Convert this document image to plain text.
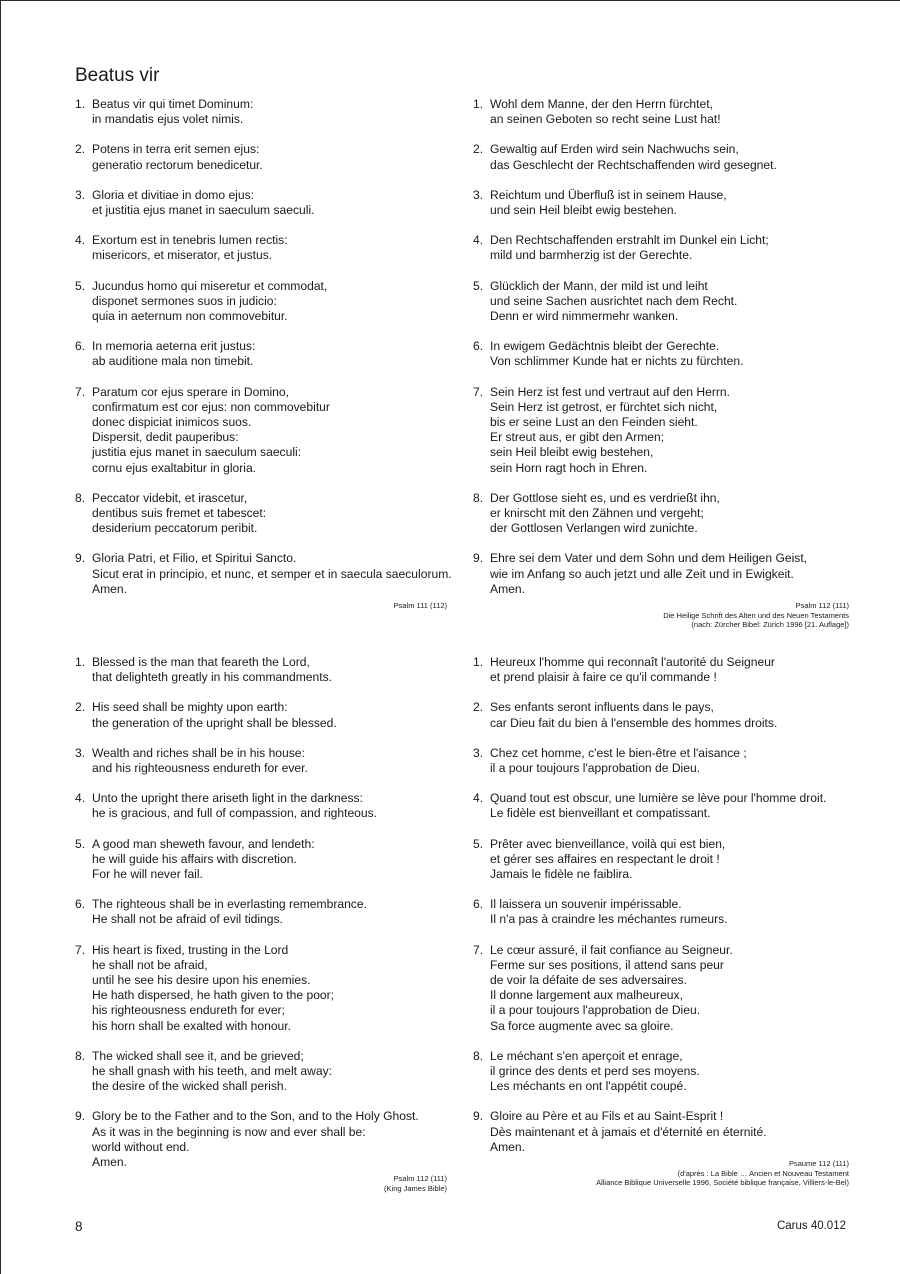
Beatus vir
1. Beatus vir qui timet Dominum:
in mandatis ejus volet nimis.
2. Potens in terra erit semen ejus:
generatio rectorum benedicetur.
3. Gloria et divitiae in domo ejus:
et justitia ejus manet in saeculum saeculi.
4. Exortum est in tenebris lumen rectis:
misericors, et miserator, et justus.
5. Jucundus homo qui miseretur et commodat,
disponet sermones suos in judicio:
quia in aeternum non commovebitur.
6. In memoria aeterna erit justus:
ab auditione mala non timebit.
7. Paratum cor ejus sperare in Domino,
confirmatum est cor ejus: non commovebitur
donec dispiciat inimicos suos.
Dispersit, dedit pauperibus:
justitia ejus manet in saeculum saeculi:
cornu ejus exaltabitur in gloria.
8. Peccator videbit, et irascetur,
dentibus suis fremet et tabescet:
desiderium peccatorum peribit.
9. Gloria Patri, et Filio, et Spiritui Sancto.
Sicut erat in principio, et nunc, et semper et in saecula saeculorum.
Amen.
Psalm 111 (112)
1. Wohl dem Manne, der den Herrn fürchtet,
an seinen Geboten so recht seine Lust hat!
2. Gewaltig auf Erden wird sein Nachwuchs sein,
das Geschlecht der Rechtschaffenden wird gesegnet.
3. Reichtum und Überfluß ist in seinem Hause,
und sein Heil bleibt ewig bestehen.
4. Den Rechtschaffenden erstrahlt im Dunkel ein Licht;
mild und barmherzig ist der Gerechte.
5. Glücklich der Mann, der mild ist und leiht
und seine Sachen ausrichtet nach dem Recht.
Denn er wird nimmermehr wanken.
6. In ewigem Gedächtnis bleibt der Gerechte.
Von schlimmer Kunde hat er nichts zu fürchten.
7. Sein Herz ist fest und vertraut auf den Herrn.
Sein Herz ist getrost, er fürchtet sich nicht,
bis er seine Lust an den Feinden sieht.
Er streut aus, er gibt den Armen;
sein Heil bleibt ewig bestehen,
sein Horn ragt hoch in Ehren.
8. Der Gottlose sieht es, und es verdrießt ihn,
er knirscht mit den Zähnen und vergeht;
der Gottlosen Verlangen wird zunichte.
9. Ehre sei dem Vater und dem Sohn und dem Heiligen Geist,
wie im Anfang so auch jetzt und alle Zeit und in Ewigkeit.
Amen.
Psalm 112 (111)
Die Heilige Schrift des Alten und des Neuen Testaments
(nach: Zürcher Bibel: Zürich 1996 [21. Auflage])
1. Blessed is the man that feareth the Lord,
that delighteth greatly in his commandments.
2. His seed shall be mighty upon earth:
the generation of the upright shall be blessed.
3. Wealth and riches shall be in his house:
and his righteousness endureth for ever.
4. Unto the upright there ariseth light in the darkness:
he is gracious, and full of compassion, and righteous.
5. A good man sheweth favour, and lendeth:
he will guide his affairs with discretion.
For he will never fail.
6. The righteous shall be in everlasting remembrance.
He shall not be afraid of evil tidings.
7. His heart is fixed, trusting in the Lord
he shall not be afraid,
until he see his desire upon his enemies.
He hath dispersed, he hath given to the poor;
his righteousness endureth for ever;
his horn shall be exalted with honour.
8. The wicked shall see it, and be grieved;
he shall gnash with his teeth, and melt away:
the desire of the wicked shall perish.
9. Glory be to the Father and to the Son, and to the Holy Ghost.
As it was in the beginning is now and ever shall be:
world without end.
Amen.
Psalm 112 (111)
(King James Bible)
1. Heureux l'homme qui reconnaît l'autorité du Seigneur
et prend plaisir à faire ce qu'il commande !
2. Ses enfants seront influents dans le pays,
car Dieu fait du bien à l'ensemble des hommes droits.
3. Chez cet homme, c'est le bien-être et l'aisance ;
il a pour toujours l'approbation de Dieu.
4. Quand tout est obscur, une lumière se lève pour l'homme droit.
Le fidèle est bienveillant et compatissant.
5. Prêter avec bienveillance, voilà qui est bien,
et gérer ses affaires en respectant le droit !
Jamais le fidèle ne faiblira.
6. Il laissera un souvenir impérissable.
Il n'a pas à craindre les méchantes rumeurs.
7. Le cœur assuré, il fait confiance au Seigneur.
Ferme sur ses positions, il attend sans peur
de voir la défaite de ses adversaires.
Il donne largement aux malheureux,
il a pour toujours l'approbation de Dieu.
Sa force augmente avec sa gloire.
8. Le méchant s'en aperçoit et enrage,
il grince des dents et perd ses moyens.
Les méchants en ont l'appétit coupé.
9. Gloire au Père et au Fils et au Saint-Esprit !
Dès maintenant et à jamais et d'éternité en éternité.
Amen.
Psaume 112 (111)
(d'après : La Bible … Ancien et Nouveau Testament
Alliance Biblique Universelle 1996, Société biblique française, Villiers-le-Bel)
8	Carus 40.012
